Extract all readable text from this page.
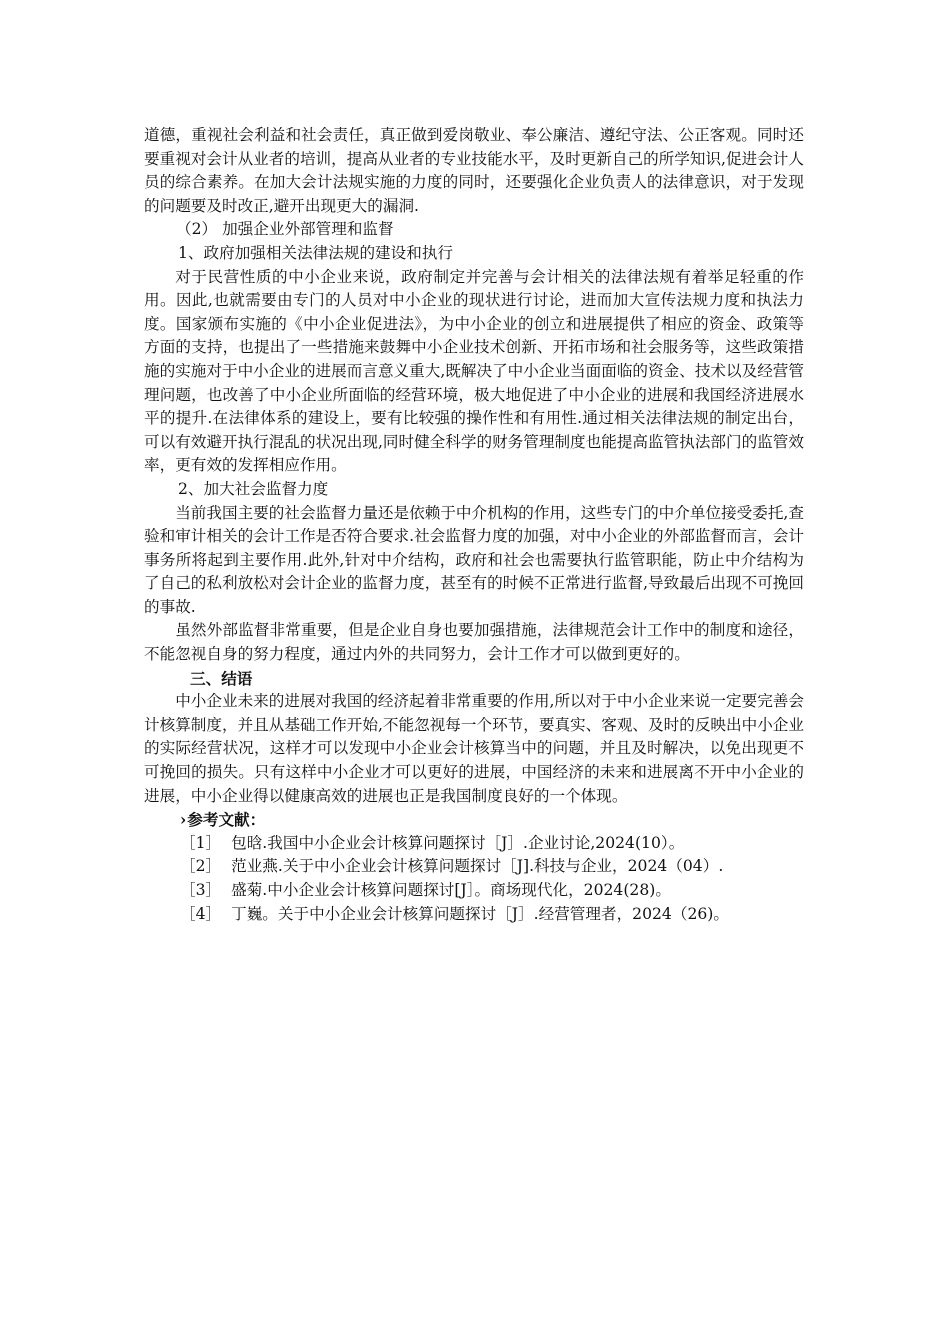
道德，重视社会利益和社会责任，真正做到爱岗敬业、奉公廉洁、遵纪守法、公正客观。同时还要重视对会计从业者的培训，提高从业者的专业技能水平，及时更新自己的所学知识,促进会计人员的综合素养。在加大会计法规实施的力度的同时，还要强化企业负责人的法律意识，对于发现的问题要及时改正,避开出现更大的漏洞.

（2） 加强企业外部管理和监督

1、政府加强相关法律法规的建设和执行

对于民营性质的中小企业来说，政府制定并完善与会计相关的法律法规有着举足轻重的作用。因此,也就需要由专门的人员对中小企业的现状进行讨论，进而加大宣传法规力度和执法力度。国家颁布实施的《中小企业促进法》，为中小企业的创立和进展提供了相应的资金、政策等方面的支持，也提出了一些措施来鼓舞中小企业技术创新、开拓市场和社会服务等，这些政策措施的实施对于中小企业的进展而言意义重大,既解决了中小企业当面面临的资金、技术以及经营管理问题，也改善了中小企业所面临的经营环境，极大地促进了中小企业的进展和我国经济进展水平的提升.在法律体系的建设上，要有比较强的操作性和有用性.通过相关法律法规的制定出台，可以有效避开执行混乱的状况出现,同时健全科学的财务管理制度也能提高监管执法部门的监管效率，更有效的发挥相应作用。

2、加大社会监督力度

当前我国主要的社会监督力量还是依赖于中介机构的作用，这些专门的中介单位接受委托,查验和审计相关的会计工作是否符合要求.社会监督力度的加强，对中小企业的外部监督而言，会计事务所将起到主要作用.此外,针对中介结构，政府和社会也需要执行监管职能，防止中介结构为了自己的私利放松对会计企业的监督力度，甚至有的时候不正常进行监督,导致最后出现不可挽回的事故.

虽然外部监督非常重要，但是企业自身也要加强措施，法律规范会计工作中的制度和途径，不能忽视自身的努力程度，通过内外的共同努力，会计工作才可以做到更好的。

三、结语

中小企业未来的进展对我国的经济起着非常重要的作用,所以对于中小企业来说一定要完善会计核算制度，并且从基础工作开始,不能忽视每一个环节，要真实、客观、及时的反映出中小企业的实际经营状况，这样才可以发现中小企业会计核算当中的问题，并且及时解决，以免出现更不可挽回的损失。只有这样中小企业才可以更好的进展，中国经济的未来和进展离不开中小企业的进展，中小企业得以健康高效的进展也正是我国制度良好的一个体现。

›参考文献：

［1］ 包晗.我国中小企业会计核算问题探讨［J］.企业讨论,2024(10）。

［2］ 范业燕.关于中小企业会计核算问题探讨［J].科技与企业，2024（04）.

［3］ 盛菊.中小企业会计核算问题探讨[J］。商场现代化，2024(28)。

［4］ 丁巍。关于中小企业会计核算问题探讨［J］.经营管理者，2024（26)。
